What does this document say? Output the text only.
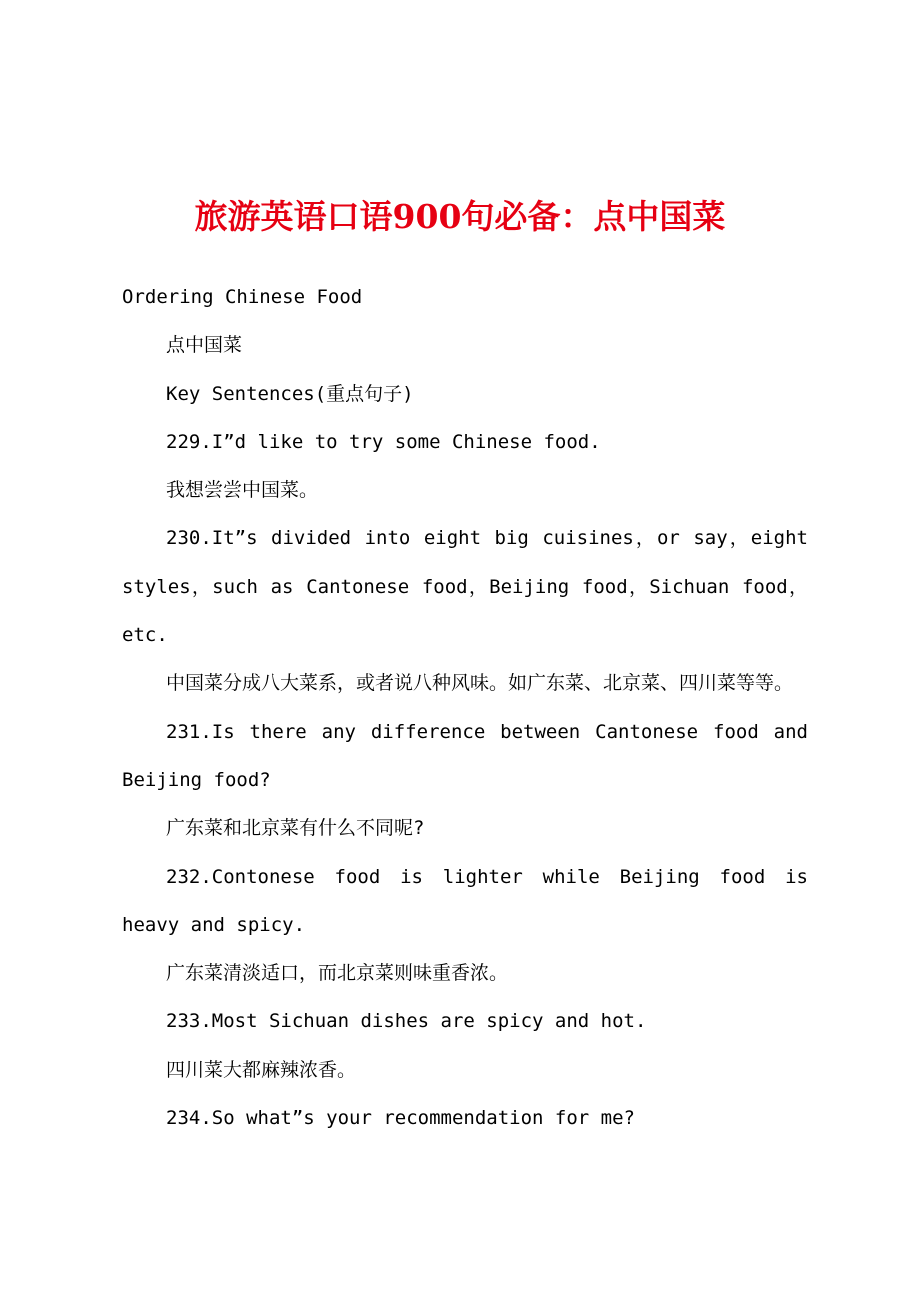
旅游英语口语900句必备：点中国菜

Ordering Chinese Food

点中国菜

Key Sentences(重点句子)

229.I”d like to try some Chinese food.

我想尝尝中国菜。

230.It”s divided into eight big cuisines，or say，eight styles，such as Cantonese food，Beijing food，Sichuan food，etc.

中国菜分成八大菜系，或者说八种风味。如广东菜、北京菜、四川菜等等。

231.Is there any difference between Cantonese food and Beijing food?

广东菜和北京菜有什么不同呢?

232.Contonese food is lighter while Beijing food is heavy and spicy.

广东菜清淡适口，而北京菜则味重香浓。

233.Most Sichuan dishes are spicy and hot.

四川菜大都麻辣浓香。

234.So what”s your recommendation for me?
